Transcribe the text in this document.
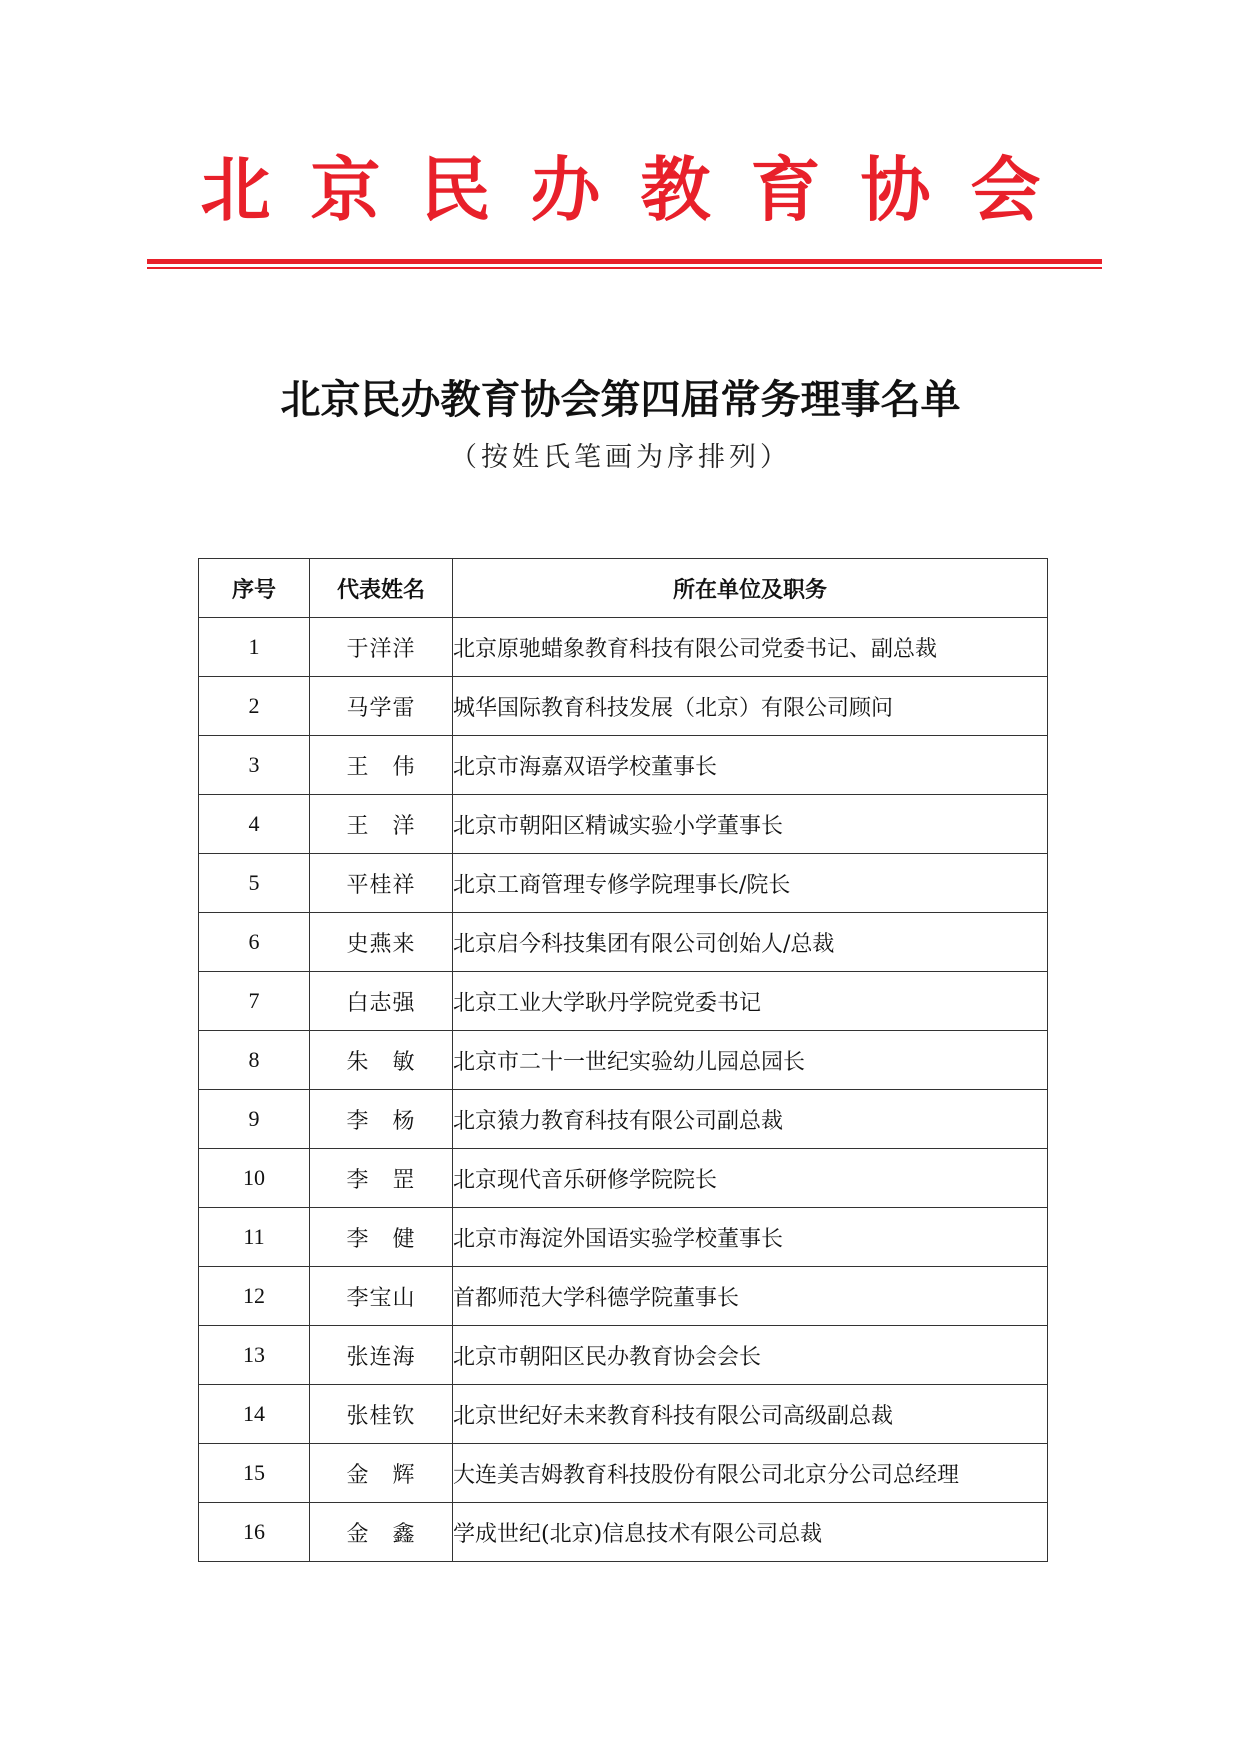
北京民办教育协会
北京民办教育协会第四届常务理事名单
（按姓氏笔画为序排列）
序号	代表姓名	所在单位及职务
1	于洋洋	北京原驰蜡象教育科技有限公司党委书记、副总裁
2	马学雷	城华国际教育科技发展（北京）有限公司顾问
3	王　伟	北京市海嘉双语学校董事长
4	王　洋	北京市朝阳区精诚实验小学董事长
5	平桂祥	北京工商管理专修学院理事长/院长
6	史燕来	北京启今科技集团有限公司创始人/总裁
7	白志强	北京工业大学耿丹学院党委书记
8	朱　敏	北京市二十一世纪实验幼儿园总园长
9	李　杨	北京猿力教育科技有限公司副总裁
10	李　罡	北京现代音乐研修学院院长
11	李　健	北京市海淀外国语实验学校董事长
12	李宝山	首都师范大学科德学院董事长
13	张连海	北京市朝阳区民办教育协会会长
14	张桂钦	北京世纪好未来教育科技有限公司高级副总裁
15	金　辉	大连美吉姆教育科技股份有限公司北京分公司总经理
16	金　鑫	学成世纪(北京)信息技术有限公司总裁
